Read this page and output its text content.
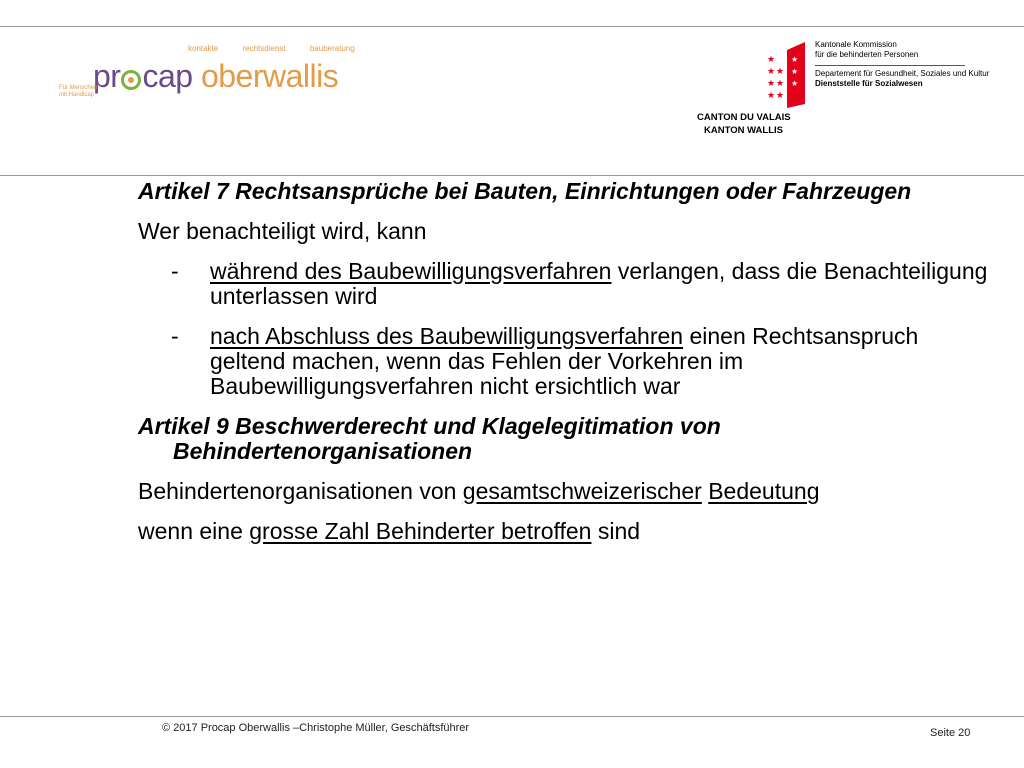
kontakte	rechtsdienst	bauberatung
pr cap oberwallis
Für Menschen mit Handicap
★ ★
★ ★
★ ★
★ ★
★
★
★
Kantonale Kommission
für die behinderten Personen
Departement für Gesundheit, Soziales und Kultur
Dienststelle für Sozialwesen
CANTON DU VALAIS
KANTON WALLIS

Artikel 7 Rechtsansprüche bei Bauten, Einrichtungen oder Fahrzeugen

Wer benachteiligt wird, kann

- während des Baubewilligungsverfahren verlangen, dass die Benachteiligung unterlassen wird
- nach Abschluss des Baubewilligungsverfahren einen Rechtsanspruch geltend machen, wenn das Fehlen der Vorkehren im Baubewilligungsverfahren nicht ersichtlich war

Artikel 9 Beschwerderecht und Klagelegitimation von Behindertenorganisationen

Behindertenorganisationen von gesamtschweizerischer Bedeutung

wenn eine grosse Zahl Behinderter betroffen sind

© 2017 Procap Oberwallis –Christophe Müller, Geschäftsführer	Seite 20
